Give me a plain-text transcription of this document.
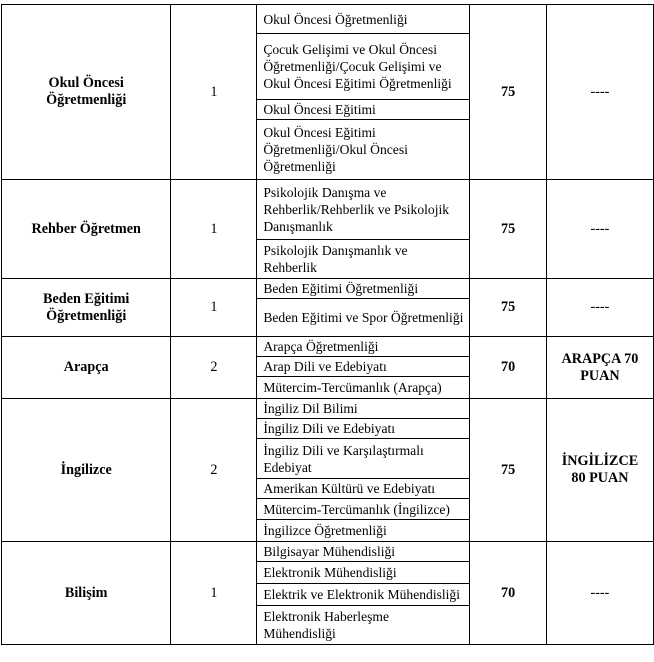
Okul Öncesi Öğretmenliği	1	Okul Öncesi Öğretmenliği	75	----
		Çocuk Gelişimi ve Okul Öncesi Öğretmenliği/Çocuk Gelişimi ve Okul Öncesi Eğitimi Öğretmenliği		
		Okul Öncesi Eğitimi		
		Okul Öncesi Eğitimi Öğretmenliği/Okul Öncesi Öğretmenliği		
Rehber Öğretmen	1	Psikolojik Danışma ve Rehberlik/Rehberlik ve Psikolojik Danışmanlık	75	----
		Psikolojik Danışmanlık ve Rehberlik		
Beden Eğitimi Öğretmenliği	1	Beden Eğitimi Öğretmenliği	75	----
		Beden Eğitimi ve Spor Öğretmenliği		
Arapça	2	Arapça Öğretmenliği	70	ARAPÇA 70 PUAN
		Arap Dili ve Edebiyatı		
		Mütercim-Tercümanlık (Arapça)		
İngilizce	2	İngiliz Dil Bilimi	75	İNGİLİZCE 80 PUAN
		İngiliz Dili ve Edebiyatı		
		İngiliz Dili ve Karşılaştırmalı Edebiyat		
		Amerikan Kültürü ve Edebiyatı		
		Mütercim-Tercümanlık (İngilizce)		
		İngilizce Öğretmenliği		
Bilişim	1	Bilgisayar Mühendisliği	70	----
		Elektronik Mühendisliği		
		Elektrik ve Elektronik Mühendisliği		
		Elektronik Haberleşme Mühendisliği		
